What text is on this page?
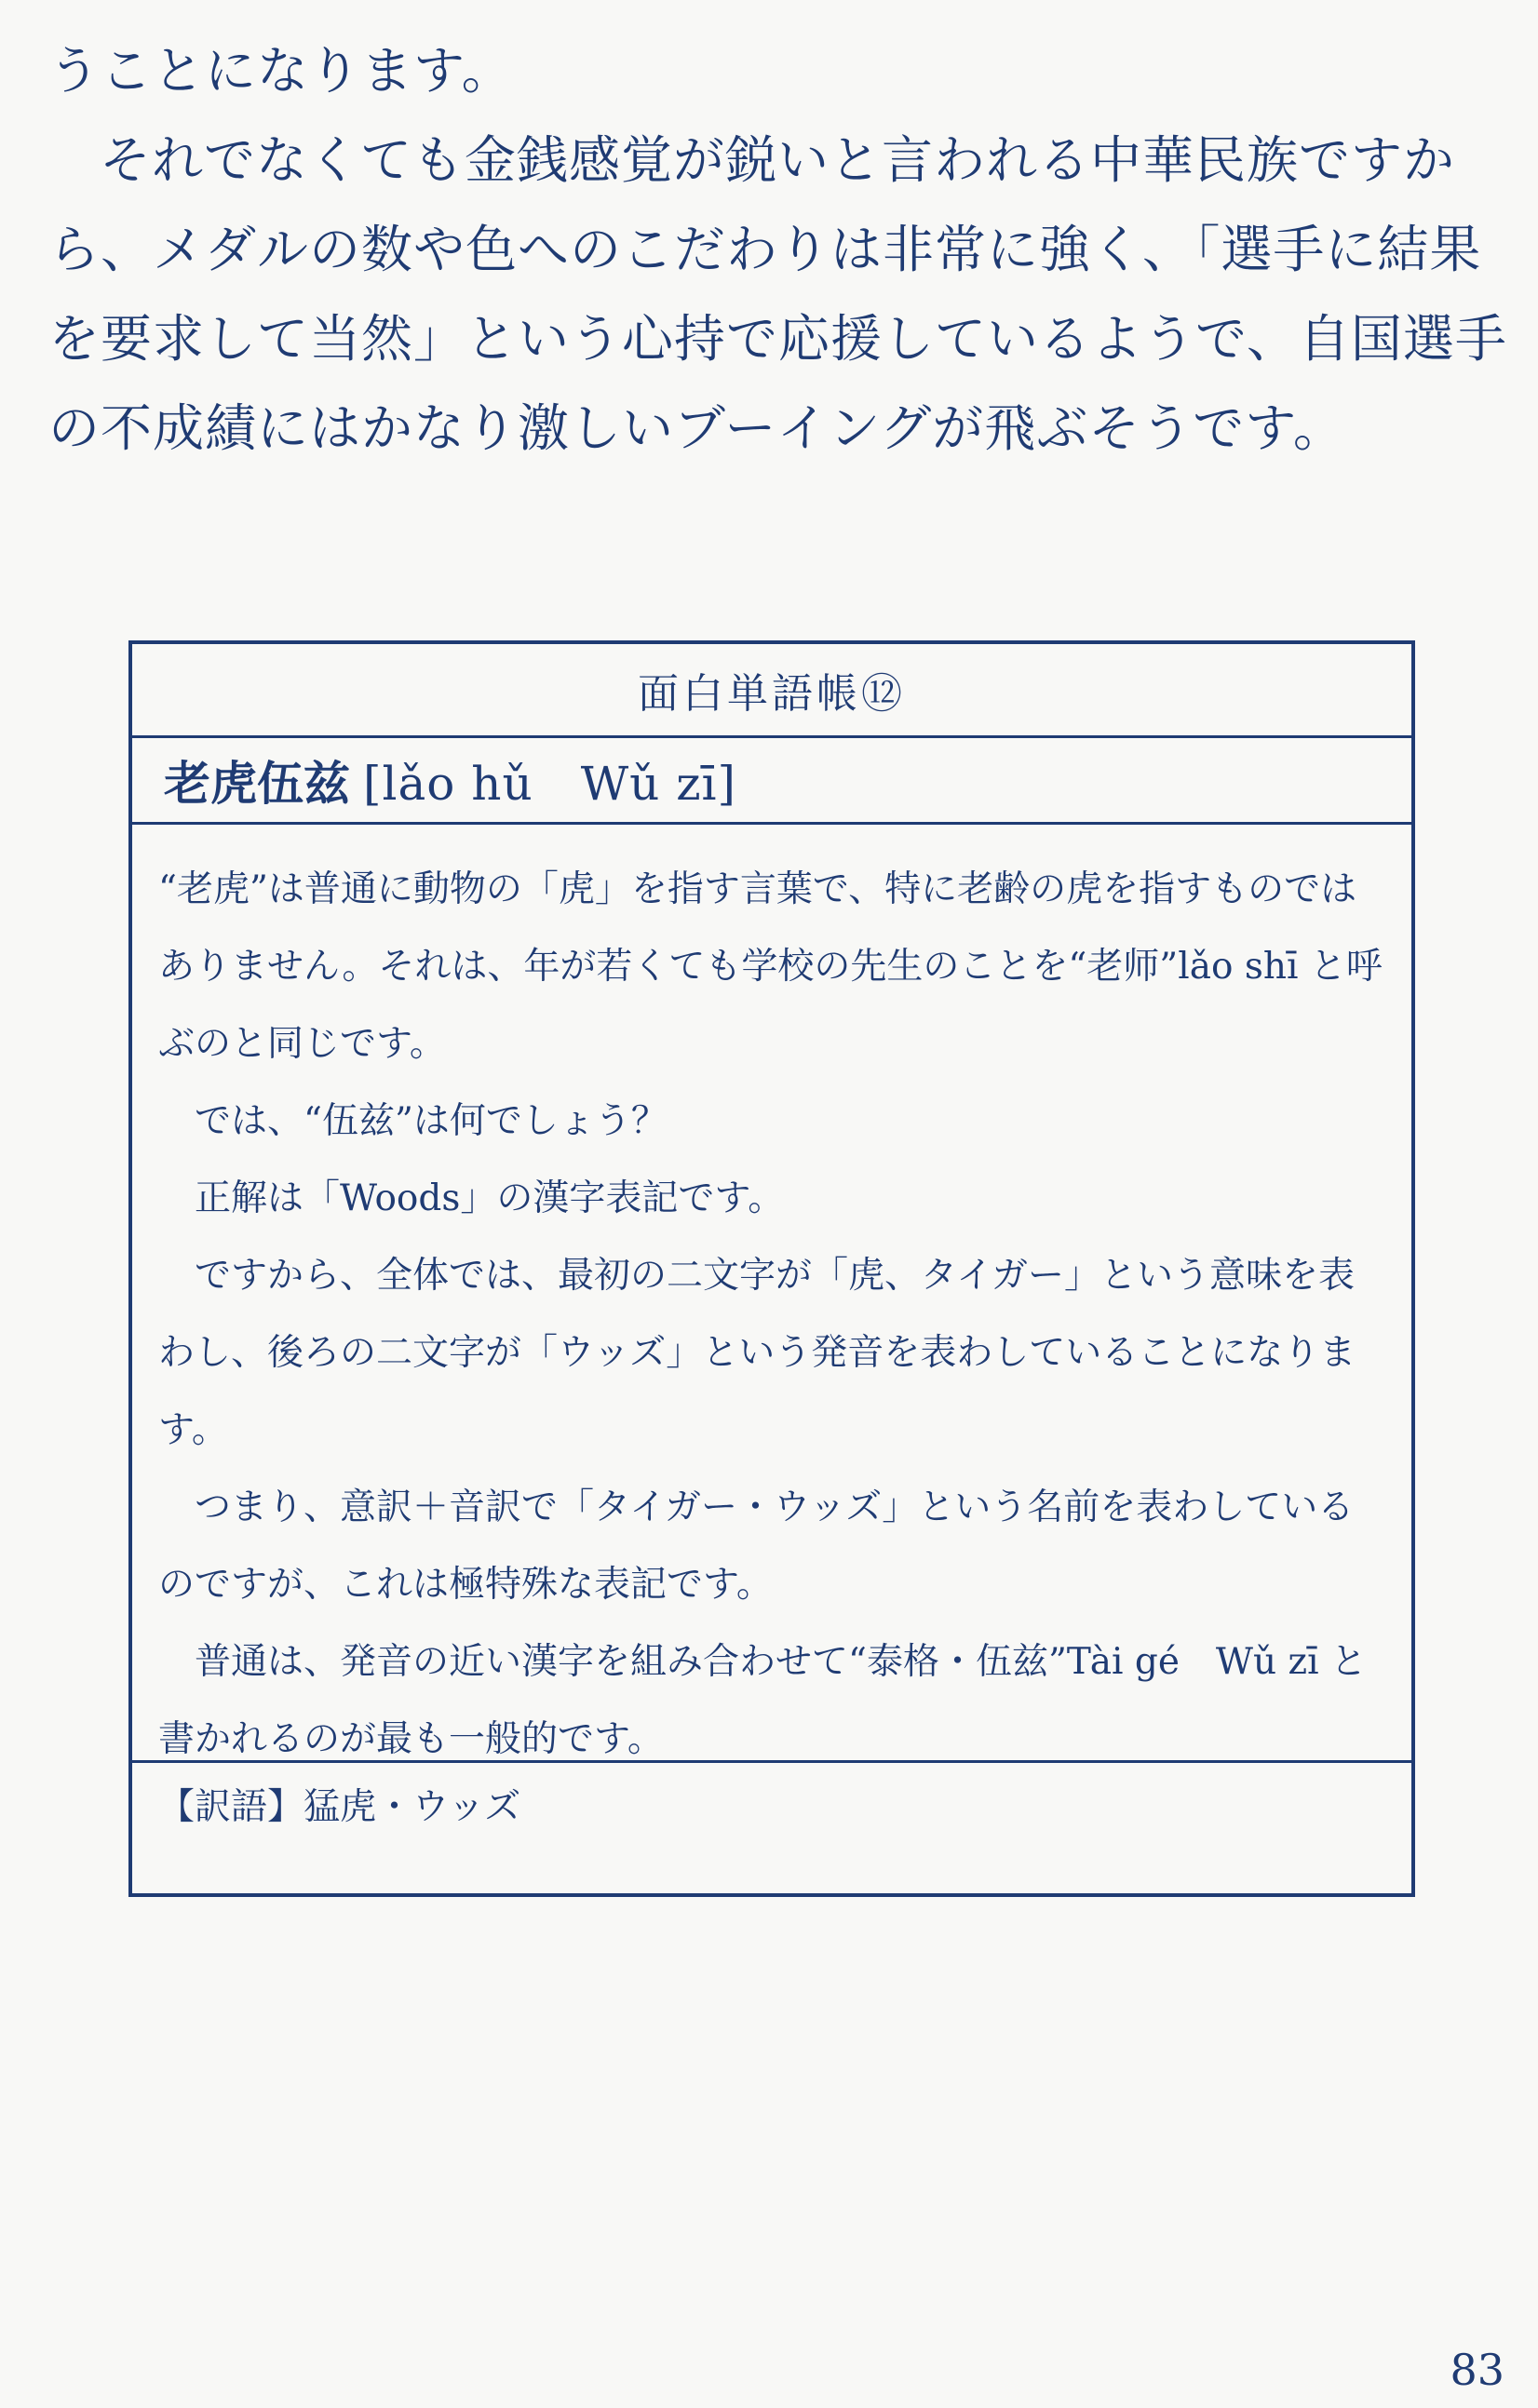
うことになります。

それでなくても金銭感覚が鋭いと言われる中華民族ですから、メダルの数や色へのこだわりは非常に強く、「選手に結果を要求して当然」という心持で応援しているようで、自国選手の不成績にはかなり激しいブーイングが飛ぶそうです。

面白単語帳⑫
老虎伍兹 [lǎo hǔ　Wǔ zī]

“老虎”は普通に動物の「虎」を指す言葉で、特に老齢の虎を指すものではありません。それは、年が若くても学校の先生のことを“老师”lǎo shī と呼ぶのと同じです。

では、“伍兹”は何でしょう？

正解は「Woods」の漢字表記です。

ですから、全体では、最初の二文字が「虎、タイガー」という意味を表わし、後ろの二文字が「ウッズ」という発音を表わしていることになります。

つまり、意訳＋音訳で「タイガー・ウッズ」という名前を表わしているのですが、これは極特殊な表記です。

普通は、発音の近い漢字を組み合わせて“泰格・伍兹”Tài gé　Wǔ zī と書かれるのが最も一般的です。

【訳語】猛虎・ウッズ
83
